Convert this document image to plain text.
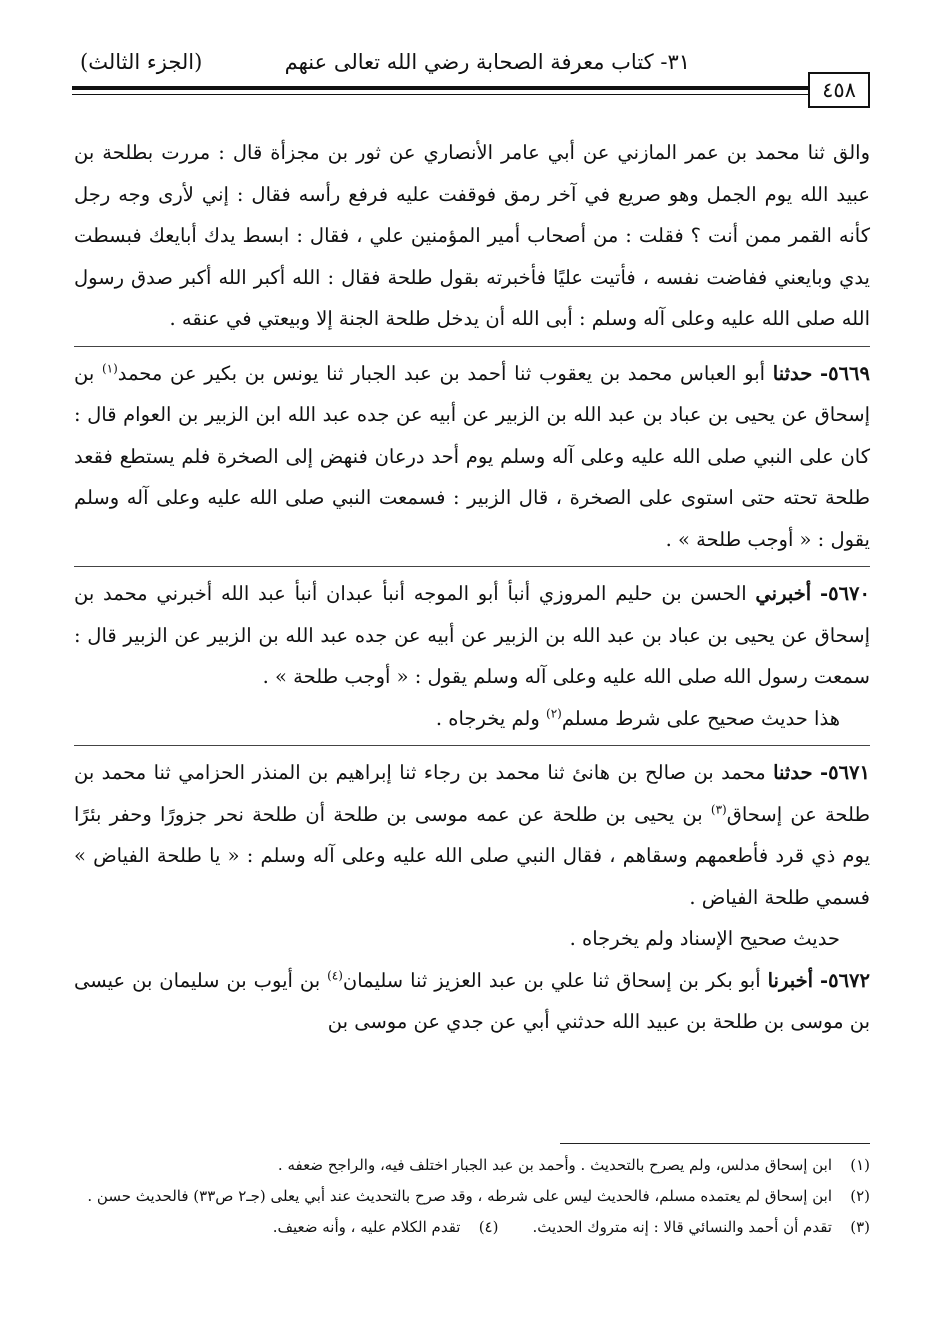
٣١- كتاب معرفة الصحابة رضي الله تعالى عنهم
(الجزء الثالث)
٤٥٨

والق ثنا محمد بن عمر المازني عن أبي عامر الأنصاري عن ثور بن مجزأة قال : مررت بطلحة بن عبيد الله يوم الجمل وهو صريع في آخر رمق فوقفت عليه فرفع رأسه فقال : إني لأرى وجه رجل كأنه القمر ممن أنت ؟ فقلت : من أصحاب أمير المؤمنين علي ، فقال : ابسط يدك أبايعك فبسطت يدي وبايعني ففاضت نفسه ، فأتيت عليًا فأخبرته بقول طلحة فقال : الله أكبر الله أكبر صدق رسول الله صلى الله عليه وعلى آله وسلم : أبى الله أن يدخل طلحة الجنة إلا وبيعتي في عنقه .

٥٦٦٩- حدثنا أبو العباس محمد بن يعقوب ثنا أحمد بن عبد الجبار ثنا يونس بن بكير عن محمد$^{(١)}$ بن إسحاق عن يحيى بن عباد بن عبد الله بن الزبير عن أبيه عن جده عبد الله ابن الزبير بن العوام قال : كان على النبي صلى الله عليه وعلى آله وسلم يوم أحد درعان فنهض إلى الصخرة فلم يستطع فقعد طلحة تحته حتى استوى على الصخرة ، قال الزبير : فسمعت النبي صلى الله عليه وعلى آله وسلم يقول : « أوجب طلحة » .

٥٦٧٠- أخبرني الحسن بن حليم المروزي أنبأ أبو الموجه أنبأ عبدان أنبأ عبد الله أخبرني محمد بن إسحاق عن يحيى بن عباد بن عبد الله بن الزبير عن أبيه عن جده عبد الله بن الزبير عن الزبير قال : سمعت رسول الله صلى الله عليه وعلى آله وسلم يقول : « أوجب طلحة » .

هذا حديث صحيح على شرط مسلم$^{(٢)}$ ولم يخرجاه .

٥٦٧١- حدثنا محمد بن صالح بن هانئ ثنا محمد بن رجاء ثنا إبراهيم بن المنذر الحزامي ثنا محمد بن طلحة عن إسحاق$^{(٣)}$ بن يحيى بن طلحة عن عمه موسى بن طلحة أن طلحة نحر جزورًا وحفر بئرًا يوم ذي قرد فأطعمهم وسقاهم ، فقال النبي صلى الله عليه وعلى آله وسلم : « يا طلحة الفياض » فسمي طلحة الفياض .

حديث صحيح الإسناد ولم يخرجاه .

٥٦٧٢- أخبرنا أبو بكر بن إسحاق ثنا علي بن عبد العزيز ثنا سليمان$^{(٤)}$ بن أيوب بن سليمان بن عيسى بن موسى بن طلحة بن عبيد الله حدثني أبي عن جدي عن موسى بن

(١)
ابن إسحاق مدلس، ولم يصرح بالتحديث . وأحمد بن عبد الجبار اختلف فيه، والراجح ضعفه .
(٢)
ابن إسحاق لم يعتمده مسلم، فالحديث ليس على شرطه ، وقد صرح بالتحديث عند أبي يعلى (جـ٢ ص٣٣) فالحديث حسن .
(٣)
تقدم أن أحمد والنسائي قالا : إنه متروك الحديث.
(٤)
تقدم الكلام عليه ، وأنه ضعيف.
